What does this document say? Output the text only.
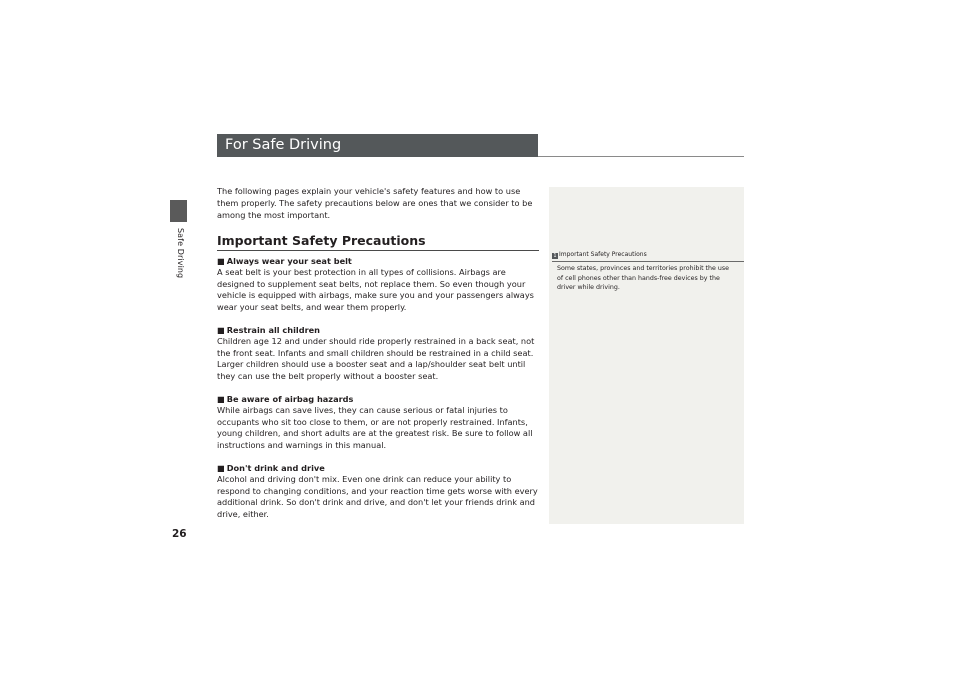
Safe Driving
26
For Safe Driving

The following pages explain your vehicle's safety features and how to use them properly. The safety precautions below are ones that we consider to be among the most important.

Important Safety Precautions
■ Always wear your seat belt

A seat belt is your best protection in all types of collisions. Airbags are designed to supplement seat belts, not replace them. So even though your vehicle is equipped with airbags, make sure you and your passengers always wear your seat belts, and wear them properly.

■ Restrain all children

Children age 12 and under should ride properly restrained in a back seat, not the front seat. Infants and small children should be restrained in a child seat. Larger children should use a booster seat and a lap/shoulder seat belt until they can use the belt properly without a booster seat.

■ Be aware of airbag hazards

While airbags can save lives, they can cause serious or fatal injuries to occupants who sit too close to them, or are not properly restrained. Infants, young children, and short adults are at the greatest risk. Be sure to follow all instructions and warnings in this manual.

■ Don't drink and drive

Alcohol and driving don't mix. Even one drink can reduce your ability to respond to changing conditions, and your reaction time gets worse with every additional drink. So don't drink and drive, and don't let your friends drink and drive, either.

1 Important Safety Precautions

Some states, provinces and territories prohibit the use of cell phones other than hands-free devices by the driver while driving.
